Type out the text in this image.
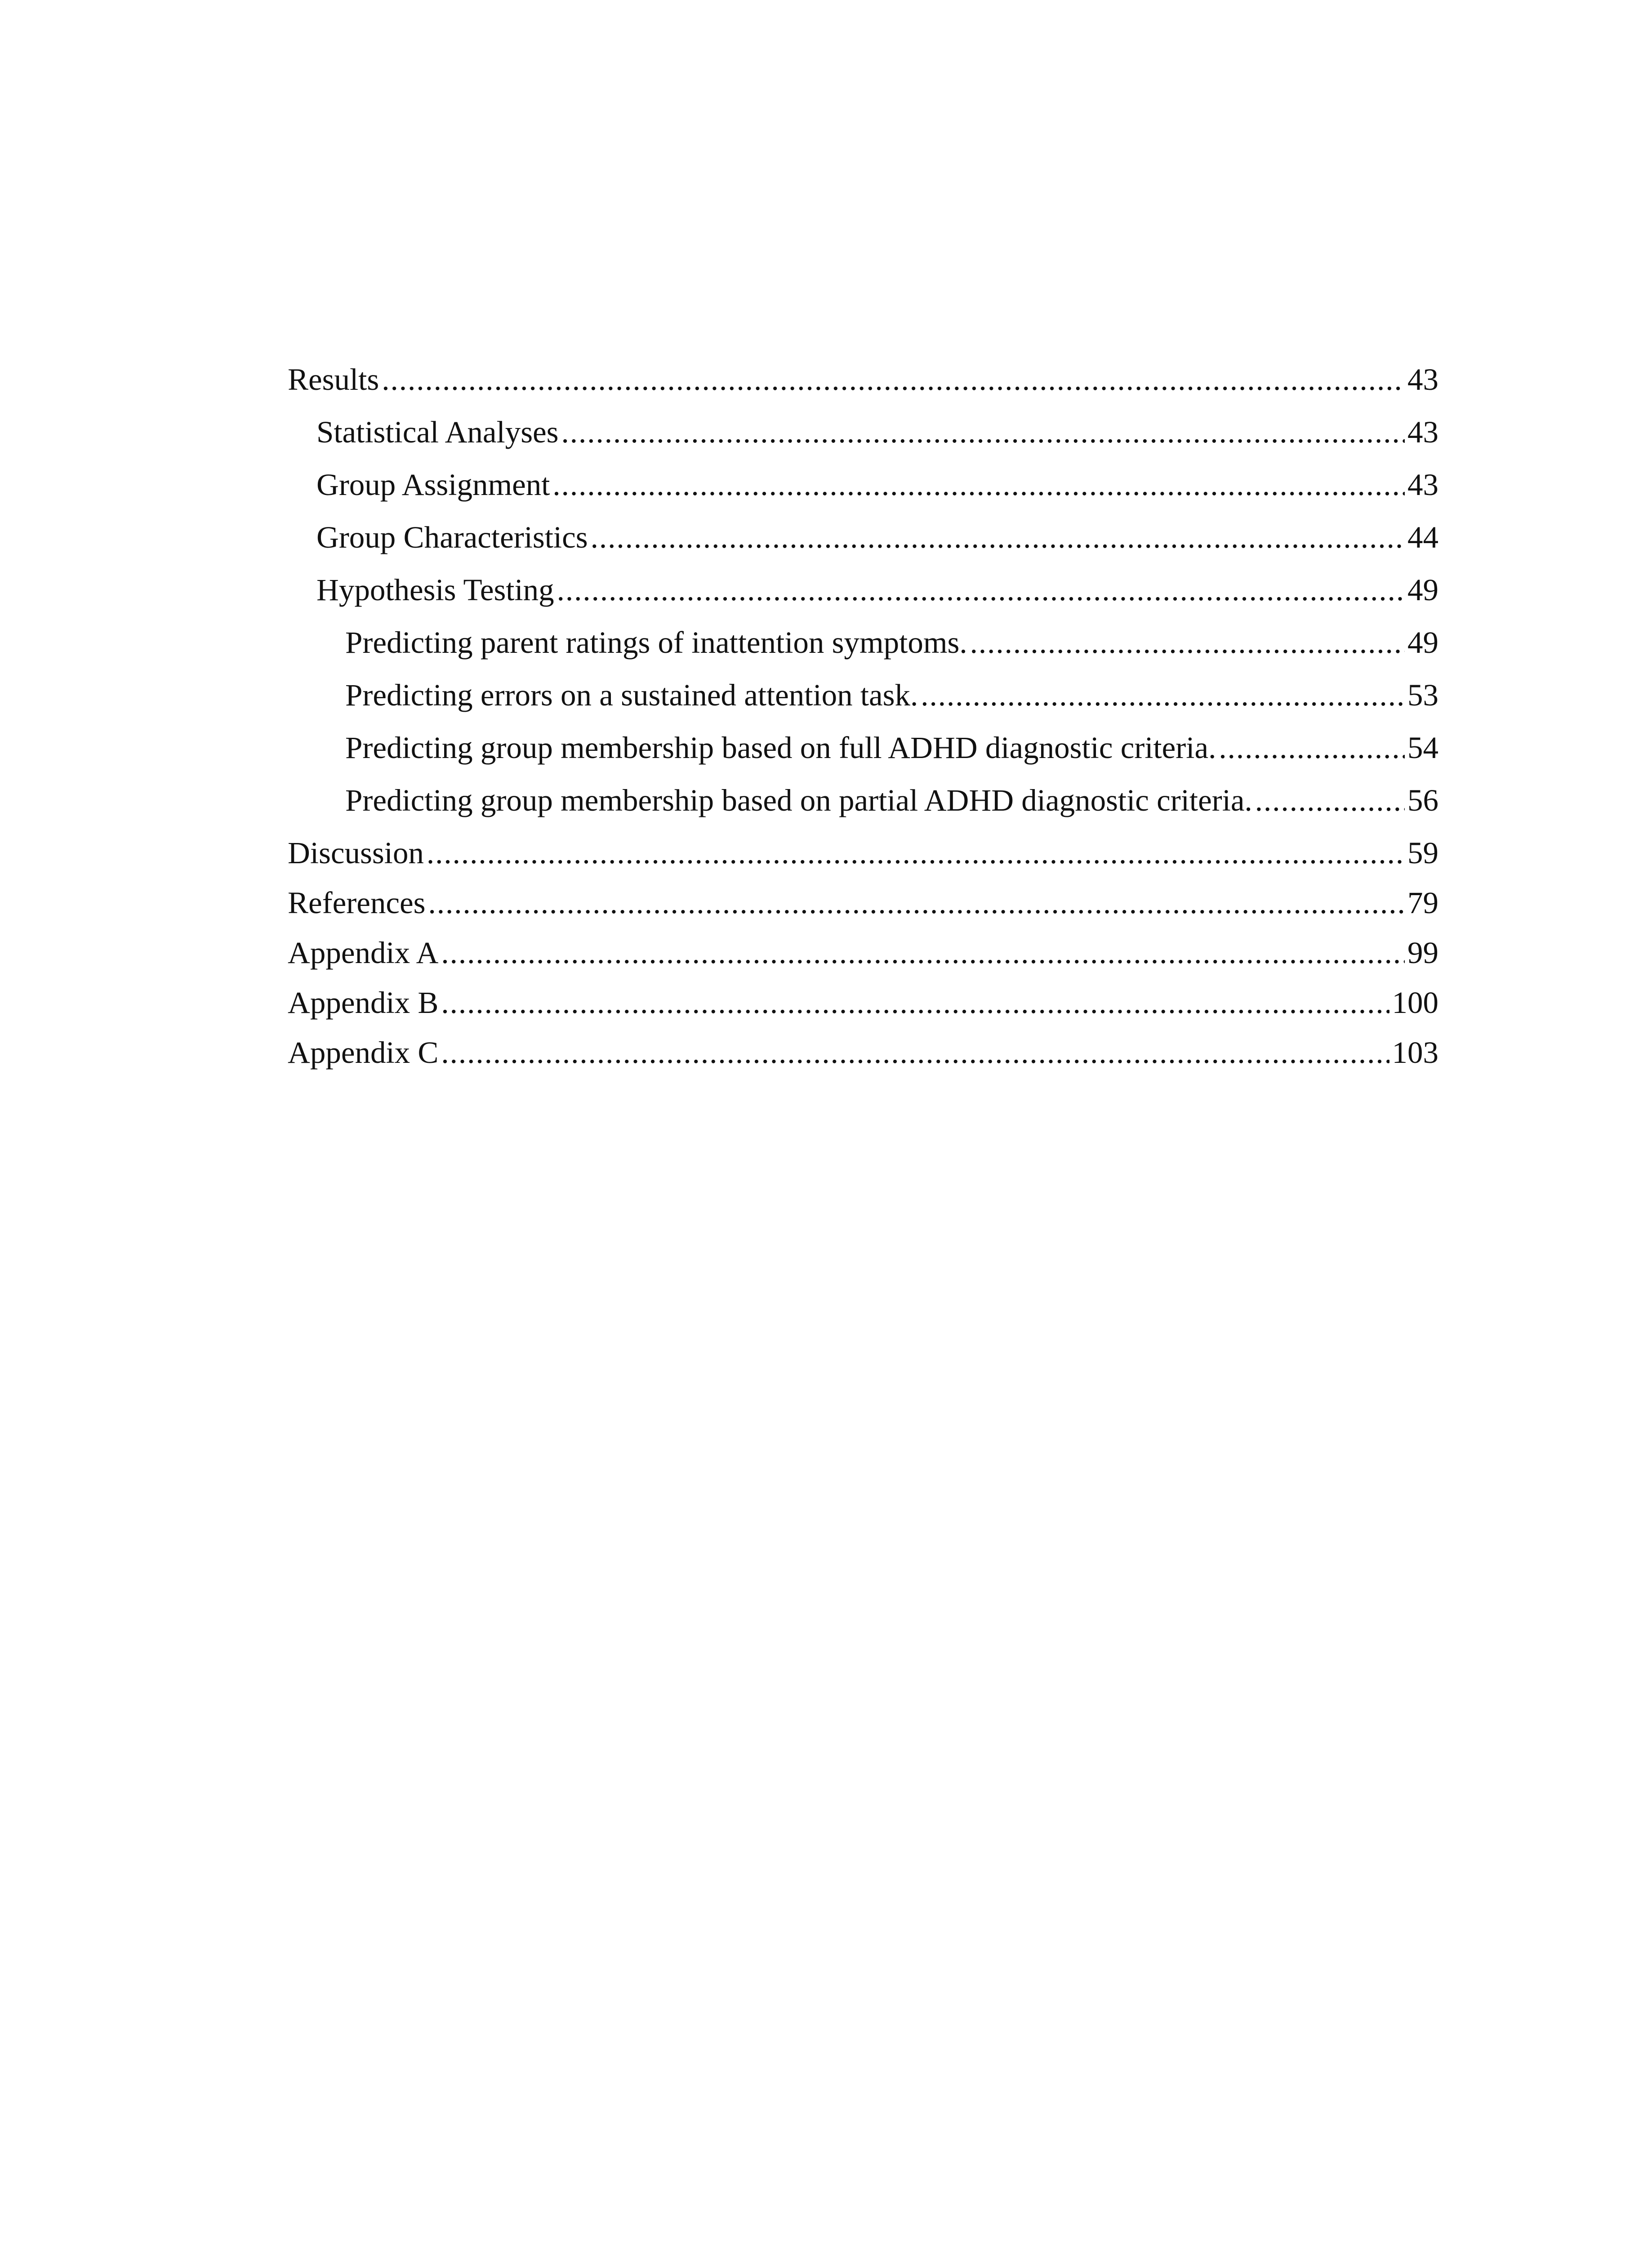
Results .....	43
Statistical Analyses .....	43
Group Assignment .....	43
Group Characteristics .....	44
Hypothesis Testing .....	49
Predicting parent ratings of inattention symptoms. .....	49
Predicting errors on a sustained attention task. .....	53
Predicting group membership based on full ADHD diagnostic criteria. .....	54
Predicting group membership based on partial ADHD diagnostic criteria. .....	56
Discussion .....	59
References .....	79
Appendix A .....	99
Appendix B .....	100
Appendix C .....	103
